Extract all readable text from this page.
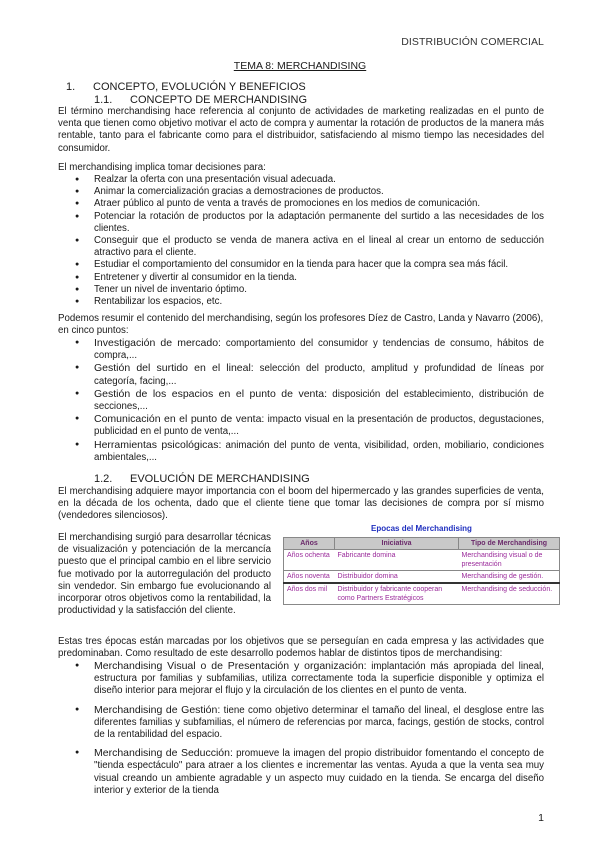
DISTRIBUCIÓN COMERCIAL
TEMA 8: MERCHANDISING
1. CONCEPTO, EVOLUCIÓN Y BENEFICIOS
1.1. CONCEPTO DE MERCHANDISING
El término merchandising hace referencia al conjunto de actividades de marketing realizadas en el punto de venta que tienen como objetivo motivar el acto de compra y aumentar la rotación de productos de la manera más rentable, tanto para el fabricante como para el distribuidor, satisfaciendo al mismo tiempo las necesidades del consumidor.
El merchandising implica tomar decisiones para:
● Realzar la oferta con una presentación visual adecuada.
● Animar la comercialización gracias a demostraciones de productos.
● Atraer público al punto de venta a través de promociones en los medios de comunicación.
● Potenciar la rotación de productos por la adaptación permanente del surtido a las necesidades de los clientes.
● Conseguir que el producto se venda de manera activa en el lineal al crear un entorno de seducción atractivo para el cliente.
● Estudiar el comportamiento del consumidor en la tienda para hacer que la compra sea más fácil.
● Entretener y divertir al consumidor en la tienda.
● Tener un nivel de inventario óptimo.
● Rentabilizar los espacios, etc.
Podemos resumir el contenido del merchandising, según los profesores Díez de Castro, Landa y Navarro (2006), en cinco puntos:
● Investigación de mercado: comportamiento del consumidor y tendencias de consumo, hábitos de compra,...
● Gestión del surtido en el lineal: selección del producto, amplitud y profundidad de líneas por categoría, facing,...
● Gestión de los espacios en el punto de venta: disposición del establecimiento, distribución de secciones,...
● Comunicación en el punto de venta: impacto visual en la presentación de productos, degustaciones, publicidad en el punto de venta,...
● Herramientas psicológicas: animación del punto de venta, visibilidad, orden, mobiliario, condiciones ambientales,...
1.2. EVOLUCIÓN DE MERCHANDISING
El merchandising adquiere mayor importancia con el boom del hipermercado y las grandes superficies de venta, en la década de los ochenta, dado que el cliente tiene que tomar las decisiones de compra por sí mismo (vendedores silenciosos).
El merchandising surgió para desarrollar técnicas de visualización y potenciación de la mercancía puesto que el principal cambio en el libre servicio fue motivado por la autorregulación del producto sin vendedor. Sin embargo fue evolucionando al incorporar otros objetivos como la rentabilidad, la productividad y la satisfacción del cliente.
Epocas del Merchandising
Años	Iniciativa	Tipo de Merchandising
Años ochenta	Fabricante domina	Merchandising visual o de presentación
Años noventa	Distribuidor domina	Merchandising de gestión.
Años dos mil	Distribuidor y fabricante cooperan como Partners Estratégicos	Merchandising de seducción.
Estas tres épocas están marcadas por los objetivos que se perseguían en cada empresa y las actividades que predominaban. Como resultado de este desarrollo podemos hablar de distintos tipos de merchandising:
● Merchandising Visual o de Presentación y organización: implantación más apropiada del lineal, estructura por familias y subfamilias, utiliza correctamente toda la superficie disponible y optimiza el diseño interior para mejorar el flujo y la circulación de los clientes en el punto de venta.
● Merchandising de Gestión: tiene como objetivo determinar el tamaño del lineal, el desglose entre las diferentes familias y subfamilias, el número de referencias por marca, facings, gestión de stocks, control de la rentabilidad del espacio.
● Merchandising de Seducción: promueve la imagen del propio distribuidor fomentando el concepto de "tienda espectáculo" para atraer a los clientes e incrementar las ventas. Ayuda a que la venta sea muy visual creando un ambiente agradable y un aspecto muy cuidado en la tienda. Se encarga del diseño interior y exterior de la tienda
1
